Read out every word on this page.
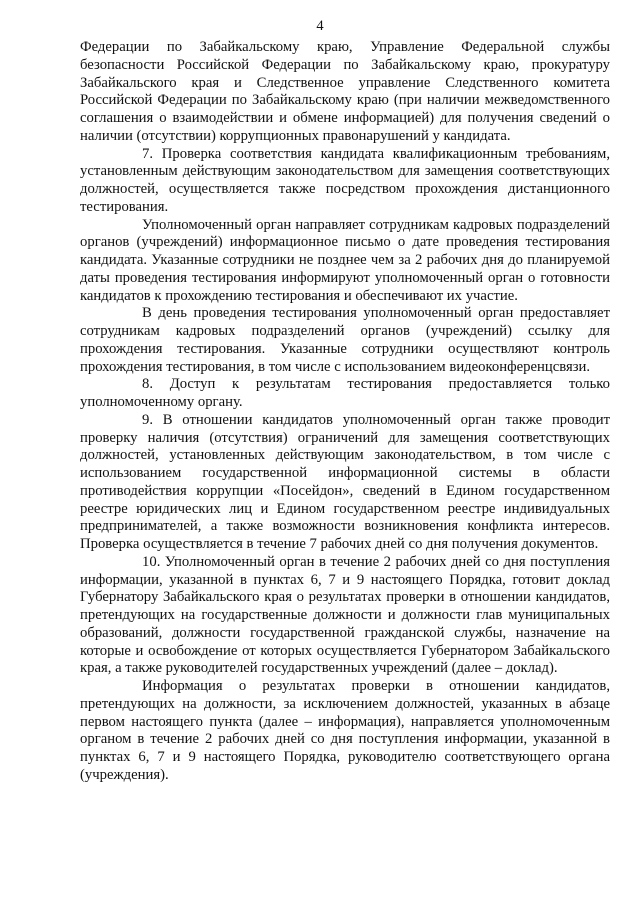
4

Федерации по Забайкальскому краю, Управление Федеральной службы безопасности Российской Федерации по Забайкальскому краю, прокуратуру Забайкальского края и Следственное управление Следственного комитета Российской Федерации по Забайкальскому краю (при наличии межведомственного соглашения о взаимодействии и обмене информацией) для получения сведений о наличии (отсутствии) коррупционных правонарушений у кандидата.

7. Проверка соответствия кандидата квалификационным требованиям, установленным действующим законодательством для замещения соответствующих должностей, осуществляется также посредством прохождения дистанционного тестирования.

Уполномоченный орган направляет сотрудникам кадровых подразделений органов (учреждений) информационное письмо о дате проведения тестирования кандидата. Указанные сотрудники не позднее чем за 2 рабочих дня до планируемой даты проведения тестирования информируют уполномоченный орган о готовности кандидатов к прохождению тестирования и обеспечивают их участие.

В день проведения тестирования уполномоченный орган предоставляет сотрудникам кадровых подразделений органов (учреждений) ссылку для прохождения тестирования. Указанные сотрудники осуществляют контроль прохождения тестирования, в том числе с использованием видеоконференцсвязи.

8. Доступ к результатам тестирования предоставляется только уполномоченному органу.

9. В отношении кандидатов уполномоченный орган также проводит проверку наличия (отсутствия) ограничений для замещения соответствующих должностей, установленных действующим законодательством, в том числе с использованием государственной информационной системы в области противодействия коррупции «Посейдон», сведений в Едином государственном реестре юридических лиц и Едином государственном реестре индивидуальных предпринимателей, а также возможности возникновения конфликта интересов. Проверка осуществляется в течение 7 рабочих дней со дня получения документов.

10. Уполномоченный орган в течение 2 рабочих дней со дня поступления информации, указанной в пунктах 6, 7 и 9 настоящего Порядка, готовит доклад Губернатору Забайкальского края о результатах проверки в отношении кандидатов, претендующих на государственные должности и должности глав муниципальных образований, должности государственной гражданской службы, назначение на которые и освобождение от которых осуществляется Губернатором Забайкальского края, а также руководителей государственных учреждений (далее – доклад).

Информация о результатах проверки в отношении кандидатов, претендующих на должности, за исключением должностей, указанных в абзаце первом настоящего пункта (далее – информация), направляется уполномоченным органом в течение 2 рабочих дней со дня поступления информации, указанной в пунктах 6, 7 и 9 настоящего Порядка, руководителю соответствующего органа (учреждения).
